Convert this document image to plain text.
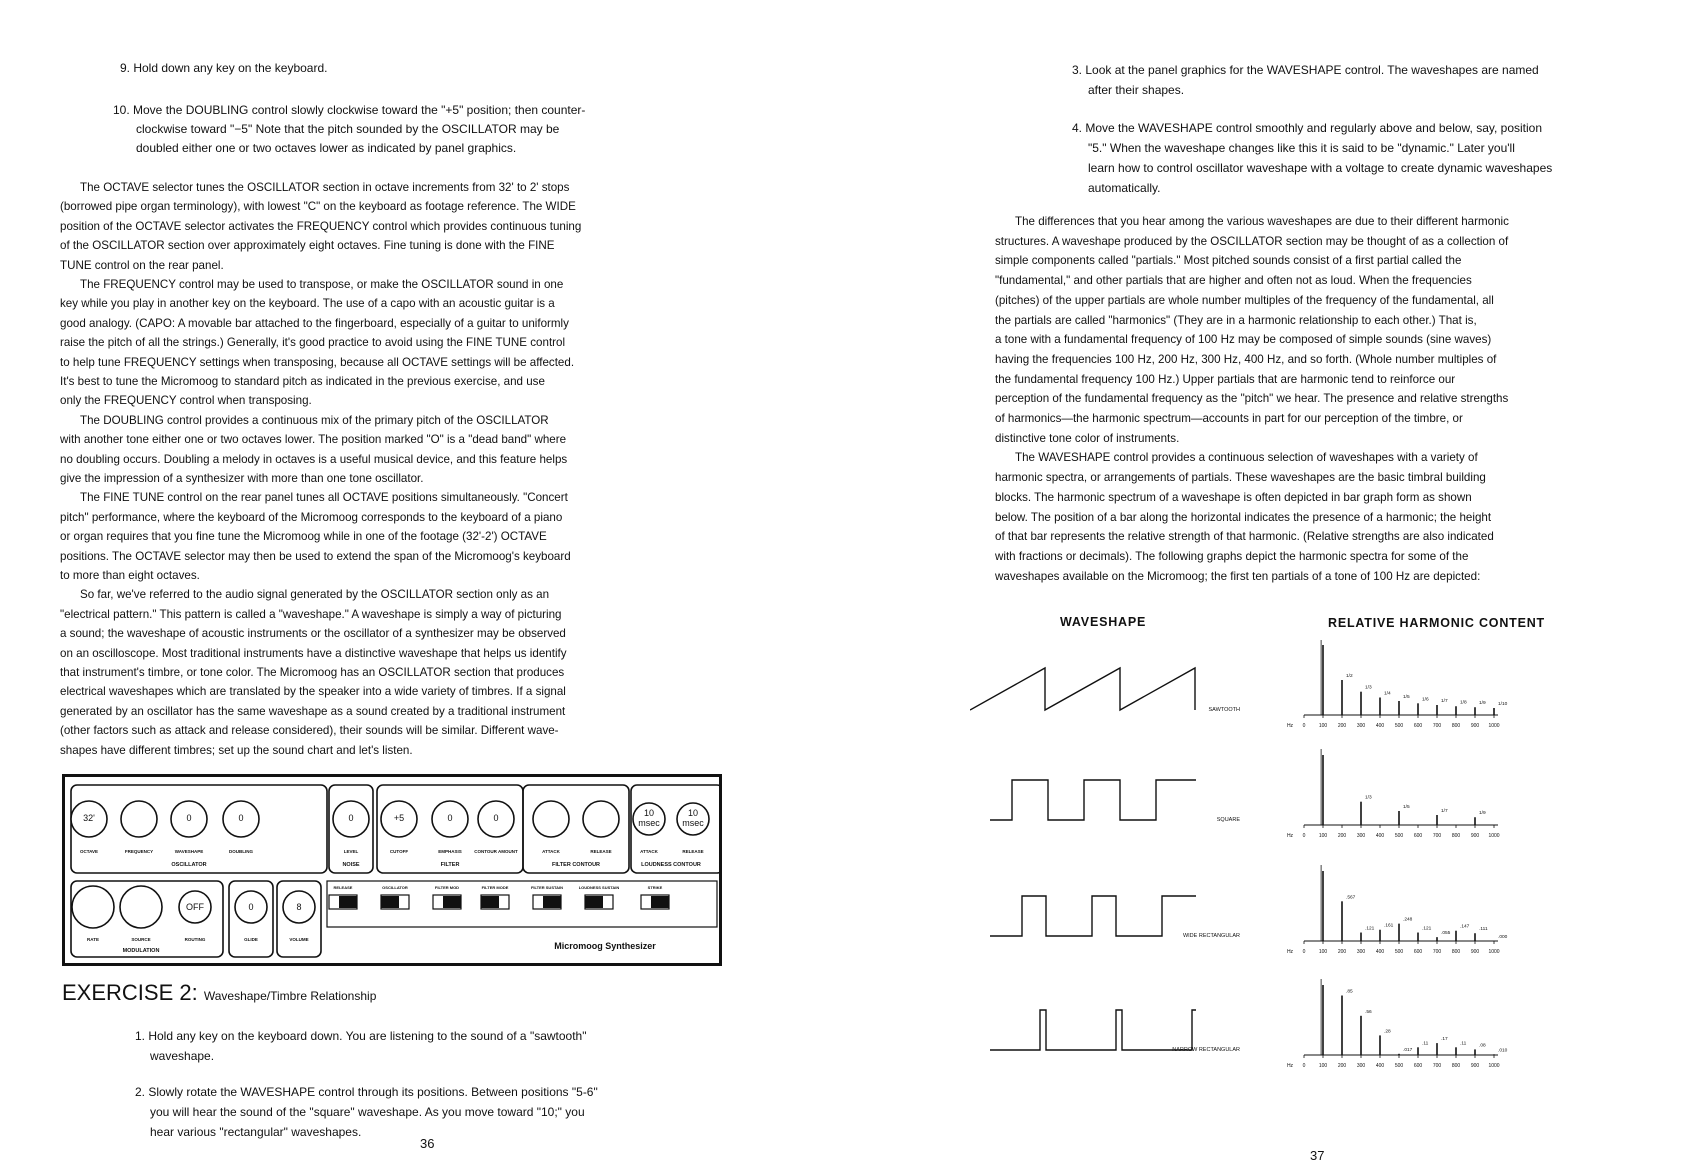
9. Hold down any key on the keyboard.

10. Move the DOUBLING control slowly clockwise toward the "+5" position; then counter-

clockwise toward "−5" Note that the pitch sounded by the OSCILLATOR may be

doubled either one or two octaves lower as indicated by panel graphics.

The OCTAVE selector tunes the OSCILLATOR section in octave increments from 32' to 2' stops

(borrowed pipe organ terminology), with lowest "C" on the keyboard as footage reference. The WIDE

position of the OCTAVE selector activates the FREQUENCY control which provides continuous tuning

of the OSCILLATOR section over approximately eight octaves. Fine tuning is done with the FINE

TUNE control on the rear panel.

The FREQUENCY control may be used to transpose, or make the OSCILLATOR sound in one

key while you play in another key on the keyboard. The use of a capo with an acoustic guitar is a

good analogy. (CAPO: A movable bar attached to the fingerboard, especially of a guitar to uniformly

raise the pitch of all the strings.) Generally, it's good practice to avoid using the FINE TUNE control

to help tune FREQUENCY settings when transposing, because all OCTAVE settings will be affected.

It's best to tune the Micromoog to standard pitch as indicated in the previous exercise, and use

only the FREQUENCY control when transposing.

The DOUBLING control provides a continuous mix of the primary pitch of the OSCILLATOR

with another tone either one or two octaves lower. The position marked "O" is a "dead band" where

no doubling occurs. Doubling a melody in octaves is a useful musical device, and this feature helps

give the impression of a synthesizer with more than one tone oscillator.

The FINE TUNE control on the rear panel tunes all OCTAVE positions simultaneously. "Concert

pitch" performance, where the keyboard of the Micromoog corresponds to the keyboard of a piano

or organ requires that you fine tune the Micromoog while in one of the footage (32'-2') OCTAVE

positions. The OCTAVE selector may then be used to extend the span of the Micromoog's keyboard

to more than eight octaves.

So far, we've referred to the audio signal generated by the OSCILLATOR section only as an

"electrical pattern." This pattern is called a "waveshape." A waveshape is simply a way of picturing

a sound; the waveshape of acoustic instruments or the oscillator of a synthesizer may be observed

on an oscilloscope. Most traditional instruments have a distinctive waveshape that helps us identify

that instrument's timbre, or tone color. The Micromoog has an OSCILLATOR section that produces

electrical waveshapes which are translated by the speaker into a wide variety of timbres. If a signal

generated by an oscillator has the same waveshape as a sound created by a traditional instrument

(other factors such as attack and release considered), their sounds will be similar. Different wave-

shapes have different timbres; set up the sound chart and let's listen.

32'
OCTAVE	FREQUENCY
0
WAVESHAPE
0
DOUBLING
0
LEVEL
+5
CUTOFF
0
EMPHASIS
0
CONTOUR AMOUNT	ATTACK	RELEASE
10
msec
ATTACK
10
msec
RELEASE
OSCILLATOR	NOISE	FILTER	FILTER CONTOUR	LOUDNESS CONTOUR
RATE	SOURCE
OFF
ROUTING
0
GLIDE
8
VOLUME
MODULATION
RELEASE	OSCILLATOR	FILTER MOD	FILTER MODE	FILTER SUSTAIN	LOUDNESS SUSTAIN	STRIKE
Micromoog Synthesizer
EXERCISE 2: Waveshape/Timbre Relationship

1. Hold any key on the keyboard down. You are listening to the sound of a "sawtooth"

waveshape.

2. Slowly rotate the WAVESHAPE control through its positions. Between positions "5-6"

you will hear the sound of the "square" waveshape. As you move toward "10;" you

hear various "rectangular" waveshapes.

36

3. Look at the panel graphics for the WAVESHAPE control. The waveshapes are named

after their shapes.

4. Move the WAVESHAPE control smoothly and regularly above and below, say, position

"5." When the waveshape changes like this it is said to be "dynamic." Later you'll

learn how to control oscillator waveshape with a voltage to create dynamic waveshapes

automatically.

The differences that you hear among the various waveshapes are due to their different harmonic

structures. A waveshape produced by the OSCILLATOR section may be thought of as a collection of

simple components called "partials." Most pitched sounds consist of a first partial called the

"fundamental," and other partials that are higher and often not as loud. When the frequencies

(pitches) of the upper partials are whole number multiples of the frequency of the fundamental, all

the partials are called "harmonics" (They are in a harmonic relationship to each other.) That is,

a tone with a fundamental frequency of 100 Hz may be composed of simple sounds (sine waves)

having the frequencies 100 Hz, 200 Hz, 300 Hz, 400 Hz, and so forth. (Whole number multiples of

the fundamental frequency 100 Hz.) Upper partials that are harmonic tend to reinforce our

perception of the fundamental frequency as the "pitch" we hear. The presence and relative strengths

of harmonics—the harmonic spectrum—accounts in part for our perception of the timbre, or

distinctive tone color of instruments.

The WAVESHAPE control provides a continuous selection of waveshapes with a variety of

harmonic spectra, or arrangements of partials. These waveshapes are the basic timbral building

blocks. The harmonic spectrum of a waveshape is often depicted in bar graph form as shown

below. The position of a bar along the horizontal indicates the presence of a harmonic; the height

of that bar represents the relative strength of that harmonic. (Relative strengths are also indicated

with fractions or decimals). The following graphs depict the harmonic spectra for some of the

waveshapes available on the Micromoog; the first ten partials of a tone of 100 Hz are depicted:

WAVESHAPE	RELATIVE HARMONIC CONTENT
SAWTOOTH
0	100 200 300 400 500 600 700 800 900 1000
Hz
1/2
1/3
1/4
1/5	1/6	1/7	1/8	1/9	1/10
SQUARE
0	100 200 300 400 500 600 700 800 900 1000
Hz
1/3
1/5
1/7	1/9
WIDE RECTANGULAR
0	100 200 300 400 500 600 700 800 900 1000
Hz
.567
.121
.161
.248
.121
.055
.147
.111
.000
NARROW RECTANGULAR
0	100 200 300 400 500 600 700 800 900 1000
Hz
.85
.56
.28
.017
.11
.17
.11	.08
.010
37
